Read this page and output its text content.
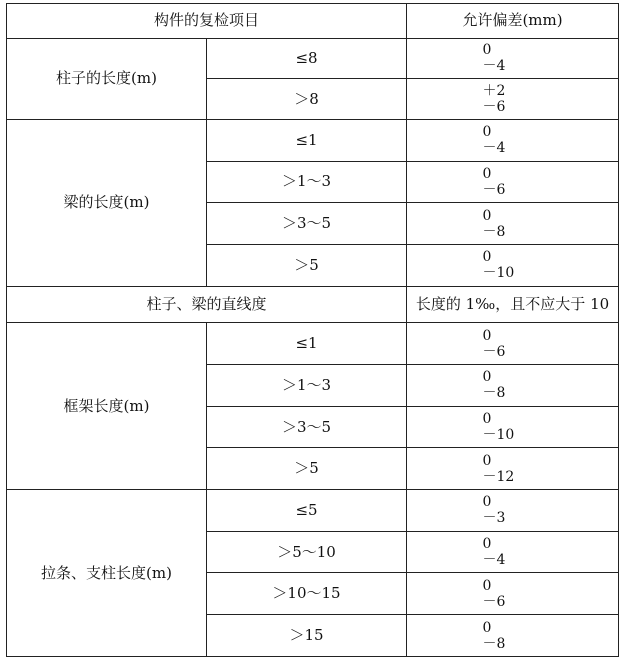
构件的复检项目		允许偏差(mm)
柱子的长度(m)	≤8	0
－4

	＞8	＋2
－6

梁的长度(m)	≤1	0
－4

	＞1～3	0
－6

	＞3～5	0
－8

	＞5	0
－10

柱子、梁的直线度		长度的 1‰，且不应大于 10
框架长度(m)	≤1	0
－6

	＞1～3	0
－8

	＞3～5	0
－10

	＞5	0
－12

拉条、支柱长度(m)	≤5	0
－3

	＞5～10	0
－4

	＞10～15	0
－6

	＞15	0
－8
